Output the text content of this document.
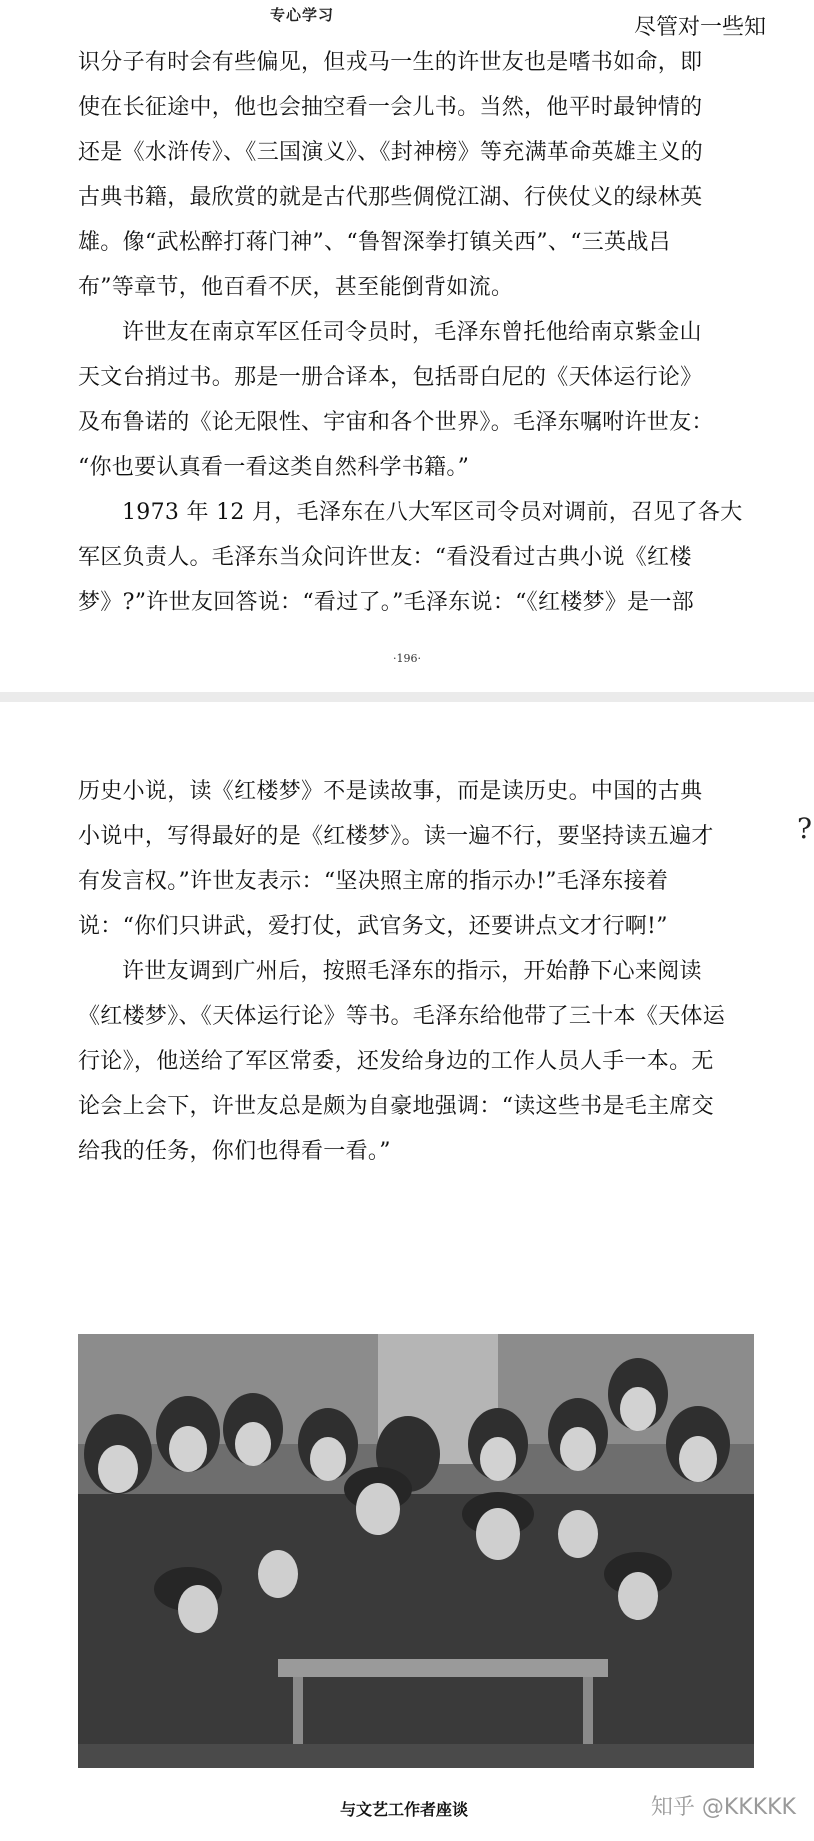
专心学习	尽管对一些知
识分子有时会有些偏见，但戎马一生的许世友也是嗜书如命，即
使在长征途中，他也会抽空看一会儿书。当然，他平时最钟情的
还是《水浒传》、《三国演义》、《封神榜》等充满革命英雄主义的
古典书籍，最欣赏的就是古代那些倜傥江湖、行侠仗义的绿林英
雄。像“武松醉打蒋门神”、“鲁智深拳打镇关西”、“三英战吕
布”等章节，他百看不厌，甚至能倒背如流。
许世友在南京军区任司令员时，毛泽东曾托他给南京紫金山
天文台捎过书。那是一册合译本，包括哥白尼的《天体运行论》
及布鲁诺的《论无限性、宇宙和各个世界》。毛泽东嘱咐许世友：
“你也要认真看一看这类自然科学书籍。”
1973 年 12 月，毛泽东在八大军区司令员对调前，召见了各大
军区负责人。毛泽东当众问许世友：“看没看过古典小说《红楼
梦》?”许世友回答说：“看过了。”毛泽东说：“《红楼梦》是一部
·196·
?
历史小说，读《红楼梦》不是读故事，而是读历史。中国的古典
小说中，写得最好的是《红楼梦》。读一遍不行，要坚持读五遍才
有发言权。”许世友表示：“坚决照主席的指示办!”毛泽东接着
说：“你们只讲武，爱打仗，武官务文，还要讲点文才行啊!”
许世友调到广州后，按照毛泽东的指示，开始静下心来阅读
《红楼梦》、《天体运行论》等书。毛泽东给他带了三十本《天体运
行论》，他送给了军区常委，还发给身边的工作人员人手一本。无
论会上会下，许世友总是颇为自豪地强调：“读这些书是毛主席交
给我的任务，你们也得看一看。”
与文艺工作者座谈	知乎 @KKKKK
